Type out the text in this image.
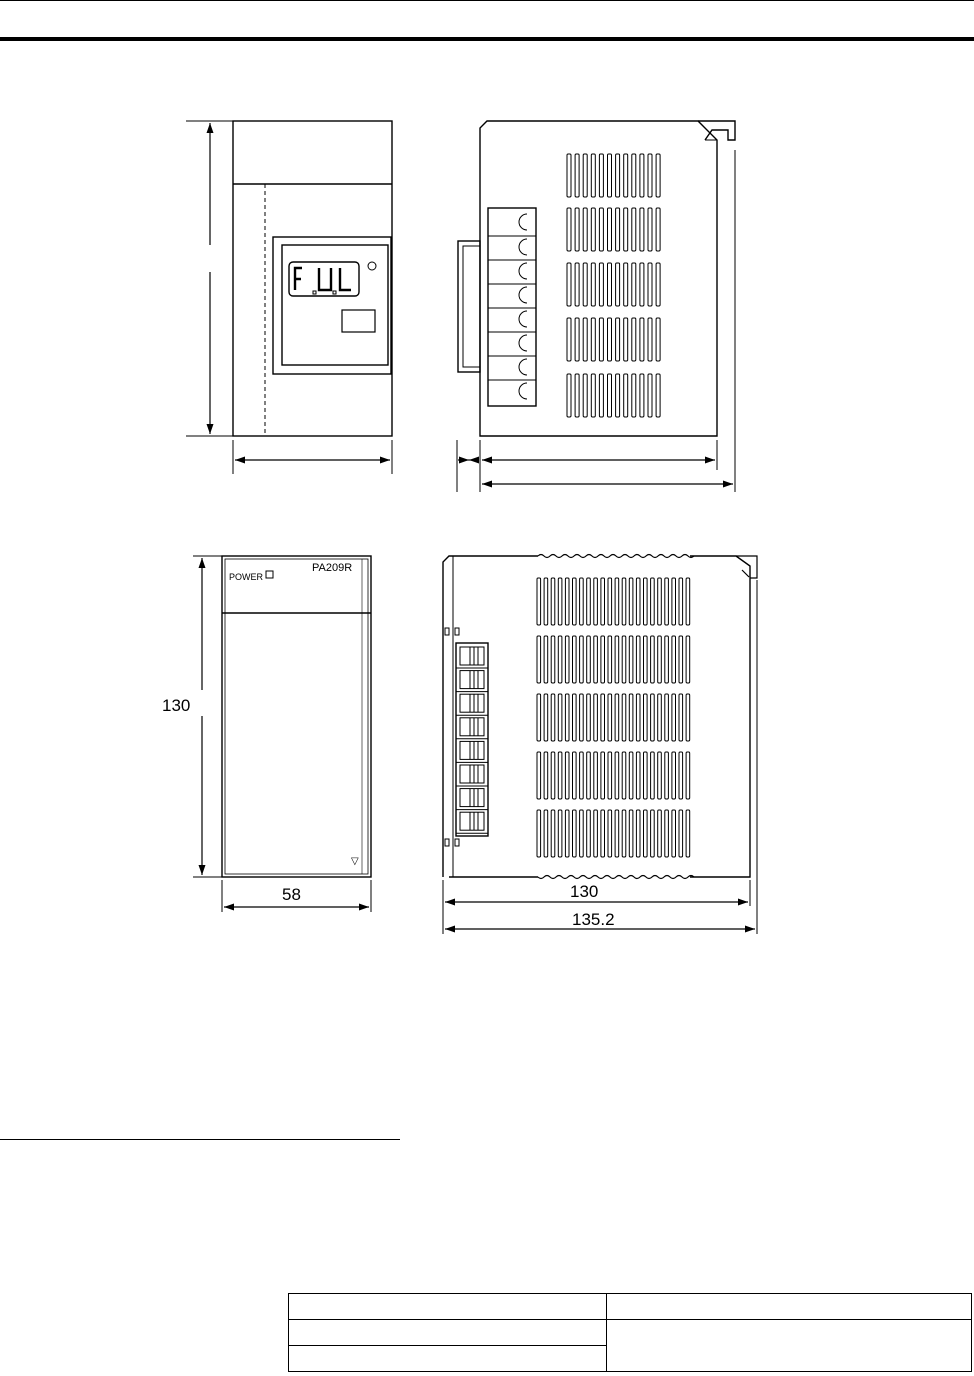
POWER
PA209R
▽
130
58	130
135.2
